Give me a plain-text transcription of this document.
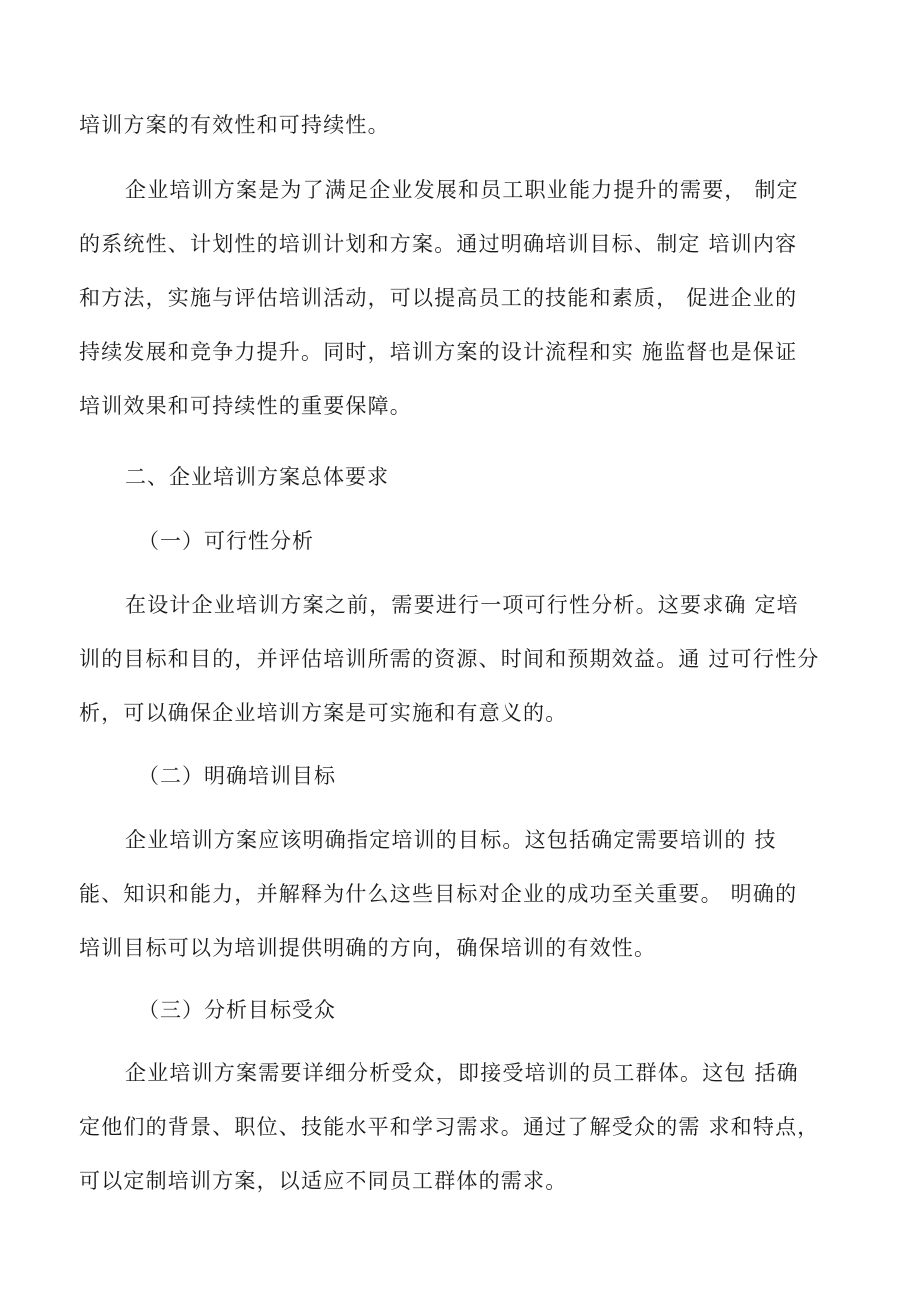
培训方案的有效性和可持续性。
企业培训方案是为了满足企业发展和员工职业能力提升的需要， 制定
的系统性、计划性的培训计划和方案。通过明确培训目标、制定 培训内容
和方法，实施与评估培训活动，可以提高员工的技能和素质， 促进企业的
持续发展和竞争力提升。同时，培训方案的设计流程和实 施监督也是保证
培训效果和可持续性的重要保障。
二、企业培训方案总体要求
（一）可行性分析
在设计企业培训方案之前，需要进行一项可行性分析。这要求确 定培
训的目标和目的，并评估培训所需的资源、时间和预期效益。通 过可行性分
析，可以确保企业培训方案是可实施和有意义的。
（二）明确培训目标
企业培训方案应该明确指定培训的目标。这包括确定需要培训的 技
能、知识和能力，并解释为什么这些目标对企业的成功至关重要。 明确的
培训目标可以为培训提供明确的方向，确保培训的有效性。
（三）分析目标受众
企业培训方案需要详细分析受众，即接受培训的员工群体。这包 括确
定他们的背景、职位、技能水平和学习需求。通过了解受众的需 求和特点，
可以定制培训方案，以适应不同员工群体的需求。
